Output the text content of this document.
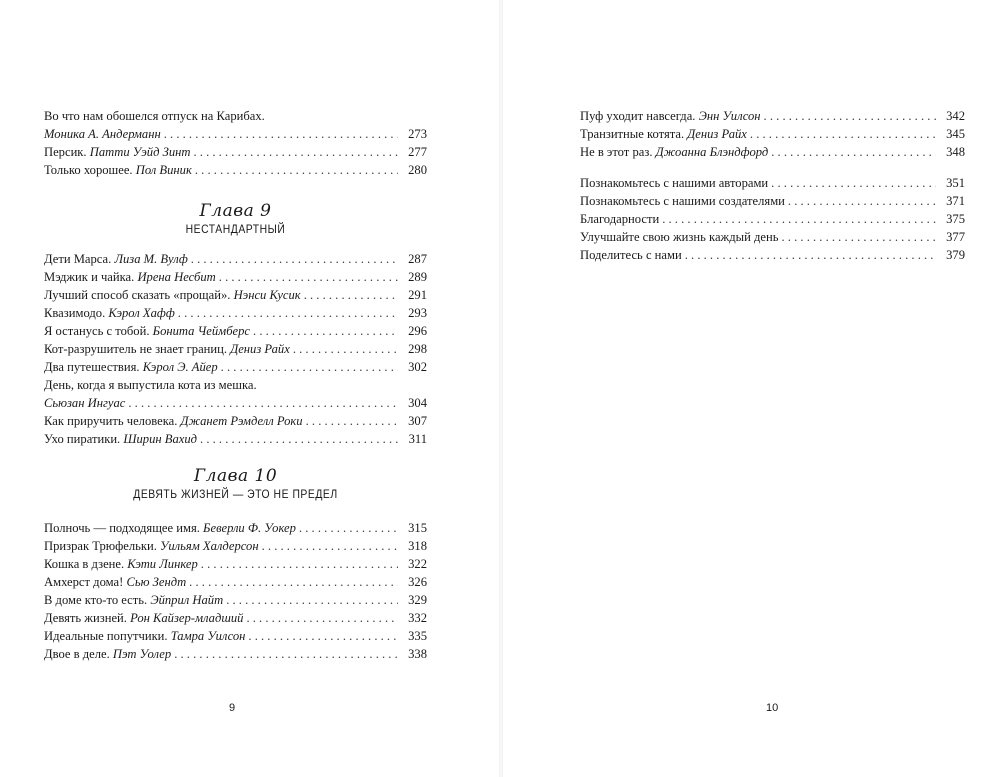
Во что нам обошелся отпуск на Карибах.
Моника А. Андерманн . . .	273
Персик. Патти Уэйд Зинт . . .	277
Только хорошее. Пол Виник . . .	280
Глава 9
НЕСТАНДАРТНЫЙ
Дети Марса. Лиза М. Вулф . . .	287
Мэджик и чайка. Ирена Несбит . . .	289
Лучший способ сказать «прощай». Нэнси Кусик . . .	291
Квазимодо. Кэрол Хафф . . .	293
Я останусь с тобой. Бонита Чеймберс . . .	296
Кот-разрушитель не знает границ. Дениз Райх . . .	298
Два путешествия. Кэрол Э. Айер . . .	302
День, когда я выпустила кота из мешка.
Сьюзан Ингуас . . .	304
Как приручить человека. Джанет Рэмделл Роки . . .	307
Ухо пиратики. Ширин Вахид . . .	311
Глава 10
ДЕВЯТЬ ЖИЗНЕЙ — ЭТО НЕ ПРЕДЕЛ
Полночь — подходящее имя. Беверли Ф. Уокер . . .	315
Призрак Трюфельки. Уильям Халдерсон . . .	318
Кошка в дзене. Кэти Линкер . . .	322
Амхерст дома! Сью Зендт . . .	326
В доме кто-то есть. Эйприл Найт . . .	329
Девять жизней. Рон Кайзер-младший . . .	332
Идеальные попутчики. Тамра Уилсон . . .	335
Двое в деле. Пэт Уолер . . .	338
9
Пуф уходит навсегда. Энн Уилсон . . .	342
Транзитные котята. Дениз Райх . . .	345
Не в этот раз. Джоанна Блэндфорд . . .	348
Познакомьтесь с нашими авторами . . .	351
Познакомьтесь с нашими создателями . . .	371
Благодарности . . .	375
Улучшайте свою жизнь каждый день . . .	377
Поделитесь с нами . . .	379
10
